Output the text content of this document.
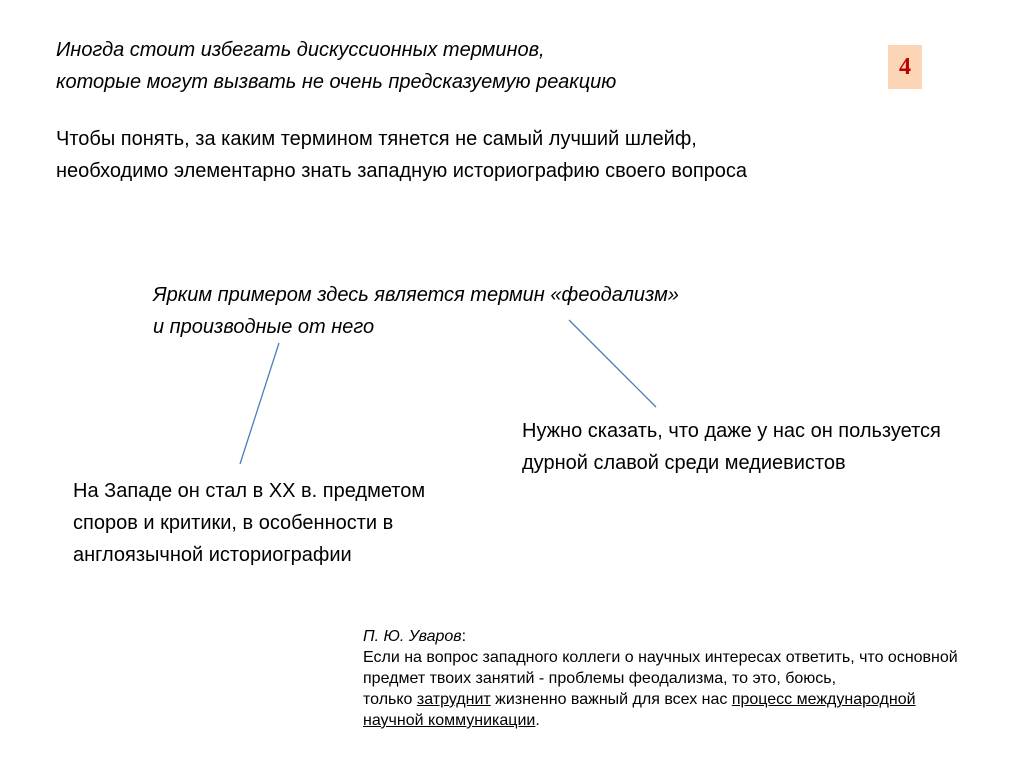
4

Иногда стоит избегать дискуссионных терминов,
которые могут вызвать не очень предсказуемую реакцию

Чтобы понять, за каким термином тянется не самый лучший шлейф,
необходимо элементарно знать западную историографию своего вопроса

Ярким примером здесь является термин «феодализм»
и производные от него

Нужно сказать, что даже у нас он пользуется
дурной славой среди медиевистов

На Западе он стал в XX в. предметом
споров и критики, в особенности в
англоязычной историографии

П. Ю. Уваров:
Если на вопрос западного коллеги о научных интересах ответить, что основной
предмет твоих занятий - проблемы феодализма, то это, боюсь,
только затруднит жизненно важный для всех нас процесс международной
научной коммуникации.
